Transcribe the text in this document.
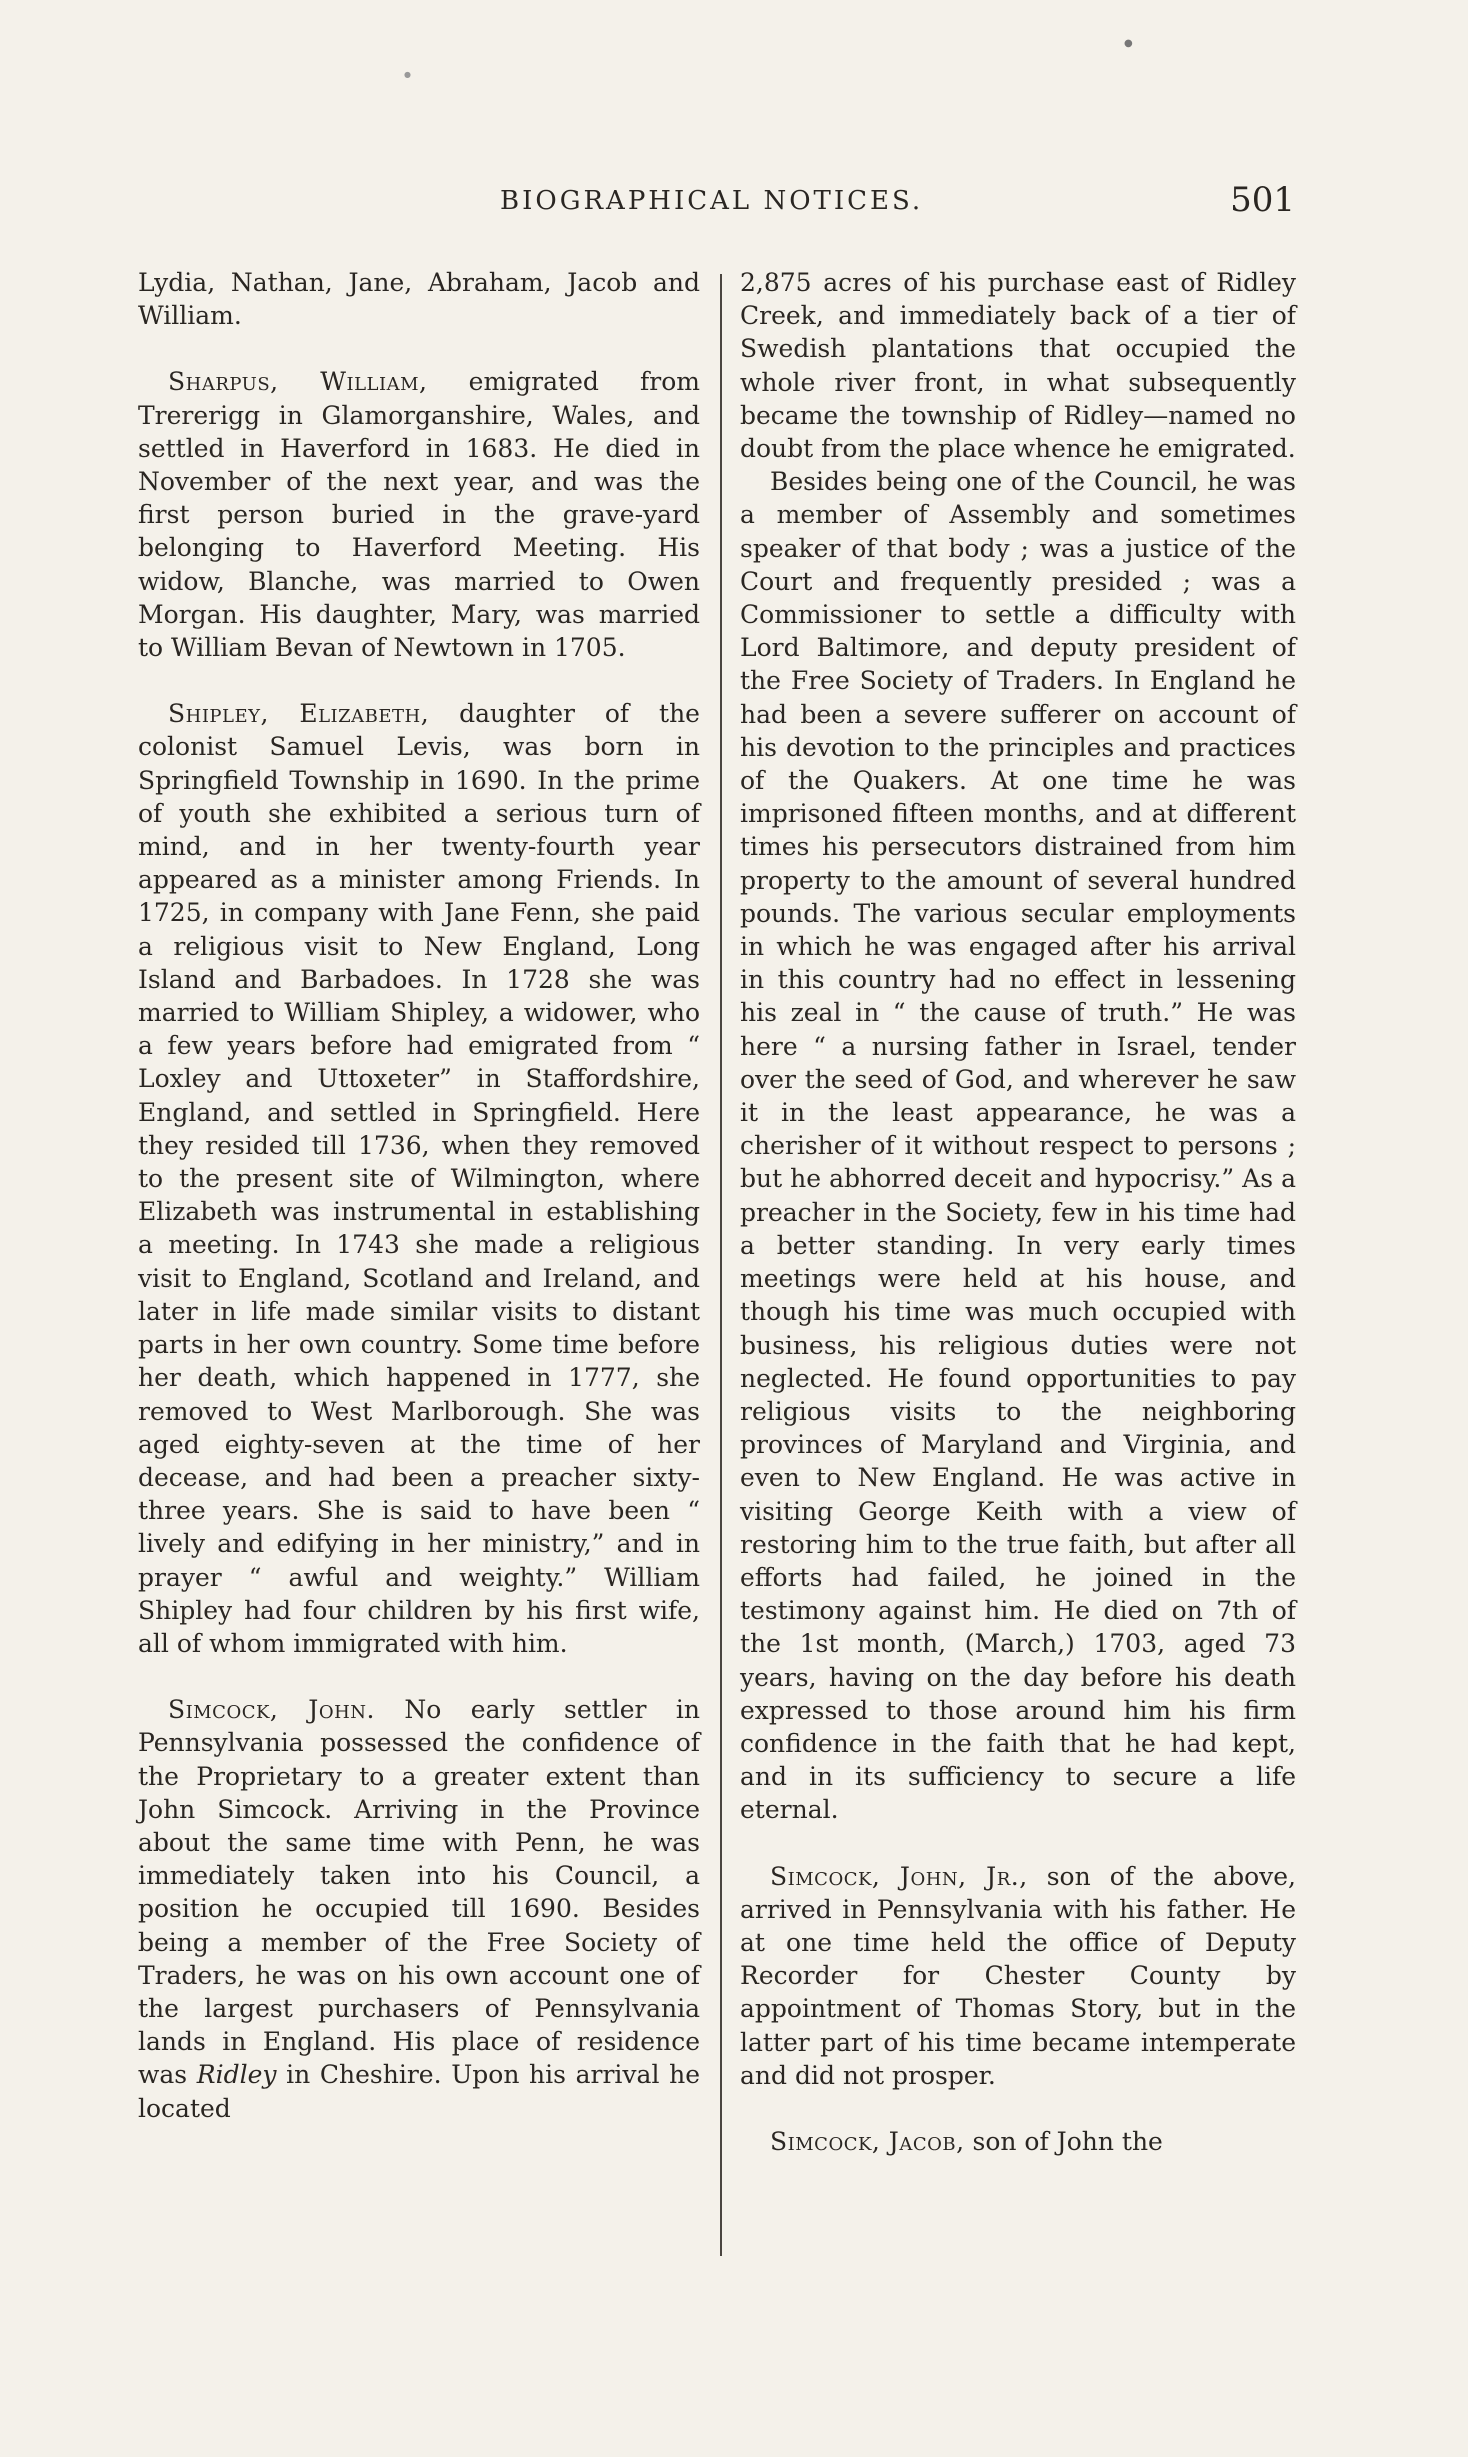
●
●
BIOGRAPHICAL NOTICES.	501

Lydia, Nathan, Jane, Abraham, Jacob and William.

Sharpus, William, emigrated from Trererigg in Glamorganshire, Wales, and settled in Haverford in 1683. He died in November of the next year, and was the first person buried in the grave-yard belonging to Haverford Meeting. His widow, Blanche, was married to Owen Morgan. His daughter, Mary, was married to William Bevan of Newtown in 1705.

Shipley, Elizabeth, daughter of the colonist Samuel Levis, was born in Springfield Township in 1690. In the prime of youth she exhibited a serious turn of mind, and in her twenty-fourth year appeared as a minister among Friends. In 1725, in company with Jane Fenn, she paid a religious visit to New England, Long Island and Barbadoes. In 1728 she was married to William Shipley, a widower, who a few years before had emigrated from “ Loxley and Uttoxeter” in Staffordshire, England, and settled in Springfield. Here they resided till 1736, when they removed to the present site of Wilmington, where Elizabeth was instrumental in establishing a meeting. In 1743 she made a religious visit to England, Scotland and Ireland, and later in life made similar visits to distant parts in her own country. Some time before her death, which happened in 1777, she removed to West Marlborough. She was aged eighty-seven at the time of her decease, and had been a preacher sixty-three years. She is said to have been “ lively and edifying in her ministry,” and in prayer “ awful and weighty.” William Shipley had four children by his first wife, all of whom immigrated with him.

Simcock, John. No early settler in Pennsylvania possessed the confidence of the Proprietary to a greater extent than John Simcock. Arriving in the Province about the same time with Penn, he was immediately taken into his Council, a position he occupied till 1690. Besides being a member of the Free Society of Traders, he was on his own account one of the largest purchasers of Pennsylvania lands in England. His place of residence was Ridley in Cheshire. Upon his arrival he located

2,875 acres of his purchase east of Ridley Creek, and immediately back of a tier of Swedish plantations that occupied the whole river front, in what subsequently became the township of Ridley—named no doubt from the place whence he emigrated.

Besides being one of the Council, he was a member of Assembly and sometimes speaker of that body ; was a justice of the Court and frequently presided ; was a Commissioner to settle a difficulty with Lord Baltimore, and deputy president of the Free Society of Traders. In England he had been a severe sufferer on account of his devotion to the principles and practices of the Quakers. At one time he was imprisoned fifteen months, and at different times his persecutors distrained from him property to the amount of several hundred pounds. The various secular employments in which he was engaged after his arrival in this country had no effect in lessening his zeal in “ the cause of truth.” He was here “ a nursing father in Israel, tender over the seed of God, and wherever he saw it in the least appearance, he was a cherisher of it without respect to persons ; but he abhorred deceit and hypocrisy.” As a preacher in the Society, few in his time had a better standing. In very early times meetings were held at his house, and though his time was much occupied with business, his religious duties were not neglected. He found opportunities to pay religious visits to the neighboring provinces of Maryland and Virginia, and even to New England. He was active in visiting George Keith with a view of restoring him to the true faith, but after all efforts had failed, he joined in the testimony against him. He died on 7th of the 1st month, (March,) 1703, aged 73 years, having on the day before his death expressed to those around him his firm confidence in the faith that he had kept, and in its sufficiency to secure a life eternal.

Simcock, John, Jr., son of the above, arrived in Pennsylvania with his father. He at one time held the office of Deputy Recorder for Chester County by appointment of Thomas Story, but in the latter part of his time became intemperate and did not prosper.

Simcock, Jacob, son of John the
